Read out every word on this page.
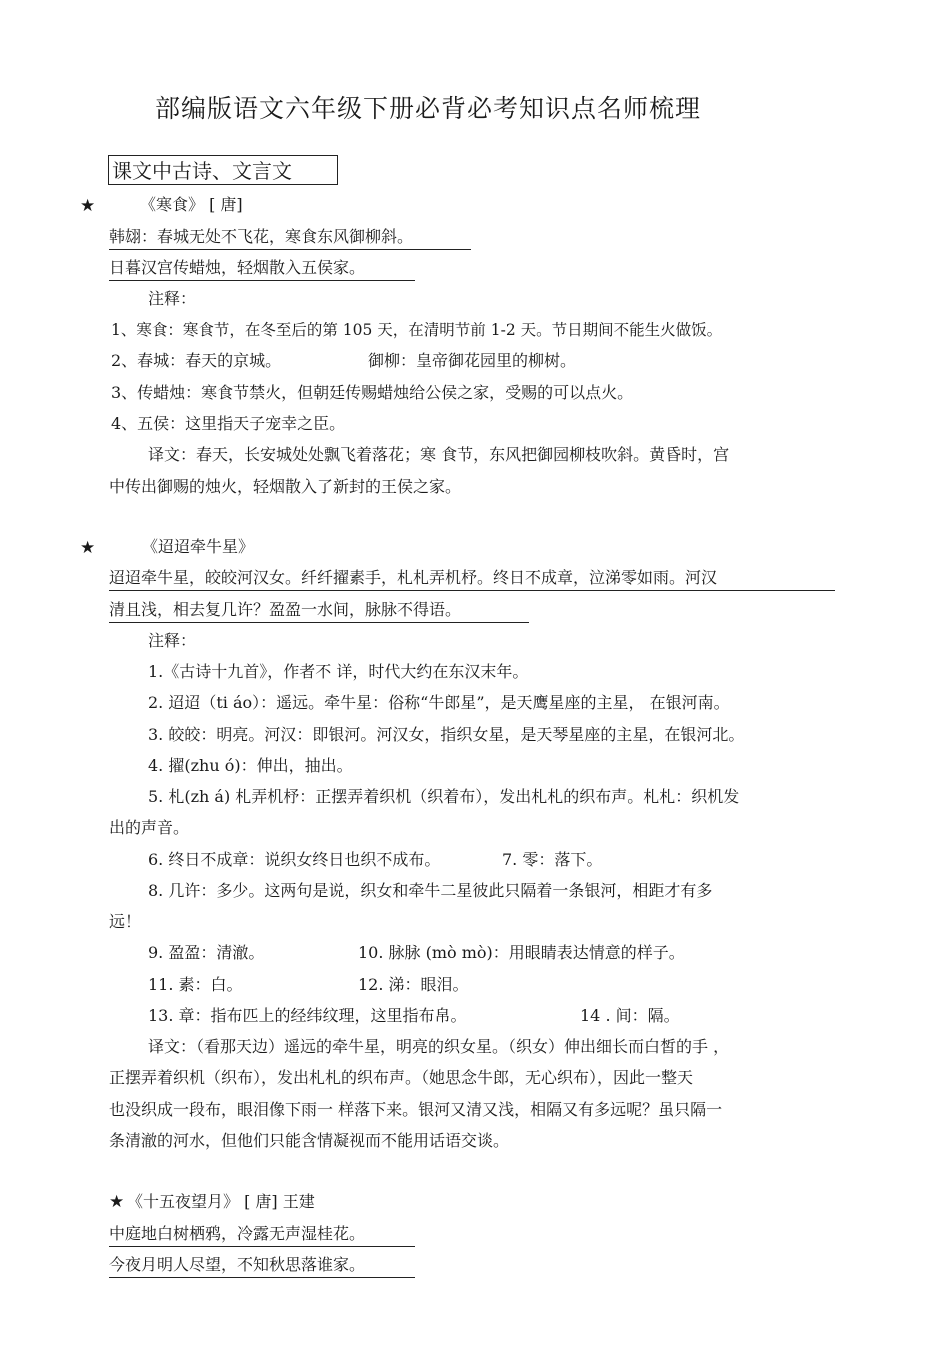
部编版语文六年级下册必背必考知识点名师梳理
课文中古诗、文言文
★	《寒食》 [ 唐]
韩翃：春城无处不飞花，寒食东风御柳斜。
日暮汉宫传蜡烛，轻烟散入五侯家。
注释：
1、寒食：寒食节，在冬至后的第 105 天，在清明节前 1-2 天。节日期间不能生火做饭。
2、春城：春天的京城。	御柳：皇帝御花园里的柳树。
3、传蜡烛：寒食节禁火，但朝廷传赐蜡烛给公侯之家，受赐的可以点火。
4、五侯：这里指天子宠幸之臣。
译文：春天，长安城处处飘飞着落花；寒 食节，东风把御园柳枝吹斜。黄昏时，宫
中传出御赐的烛火，轻烟散入了新封的王侯之家。
★	《迢迢牵牛星》
迢迢牵牛星，皎皎河汉女。纤纤擢素手，札札弄机杼。终日不成章，泣涕零如雨。河汉
清且浅，相去复几许？盈盈一水间，脉脉不得语。
注释：
1.《古诗十九首》，作者不 详，时代大约在东汉末年。
2. 迢迢（ti áo）：遥远。牵牛星：俗称“牛郎星”，是天鹰星座的主星， 在银河南。
3. 皎皎：明亮。河汉：即银河。河汉女，指织女星，是天琴星座的主星，在银河北。
4. 擢(zhu ó)：伸出，抽出。
5. 札(zh á) 札弄机杼：正摆弄着织机（织着布），发出札札的织布声。札札：织机发
出的声音。
6. 终日不成章：说织女终日也织不成布。	7. 零：落下。
8. 几许：多少。这两句是说，织女和牵牛二星彼此只隔着一条银河，相距才有多
远！
9. 盈盈：清澈。	10. 脉脉 (mò mò)：用眼睛表达情意的样子。
11. 素：白。	12. 涕：眼泪。
13. 章：指布匹上的经纬纹理，这里指布帛。	14 . 间：隔。
译文：（看那天边）遥远的牵牛星，明亮的织女星。（织女）伸出细长而白皙的手 ，
正摆弄着织机（织布），发出札札的织布声。（她思念牛郎，无心织布），因此一整天
也没织成一段布，眼泪像下雨一 样落下来。银河又清又浅，相隔又有多远呢？虽只隔一
条清澈的河水，但他们只能含情凝视而不能用话语交谈。
★ 《十五夜望月》 [ 唐] 王建
中庭地白树栖鸦，冷露无声湿桂花。
今夜月明人尽望，不知秋思落谁家。
